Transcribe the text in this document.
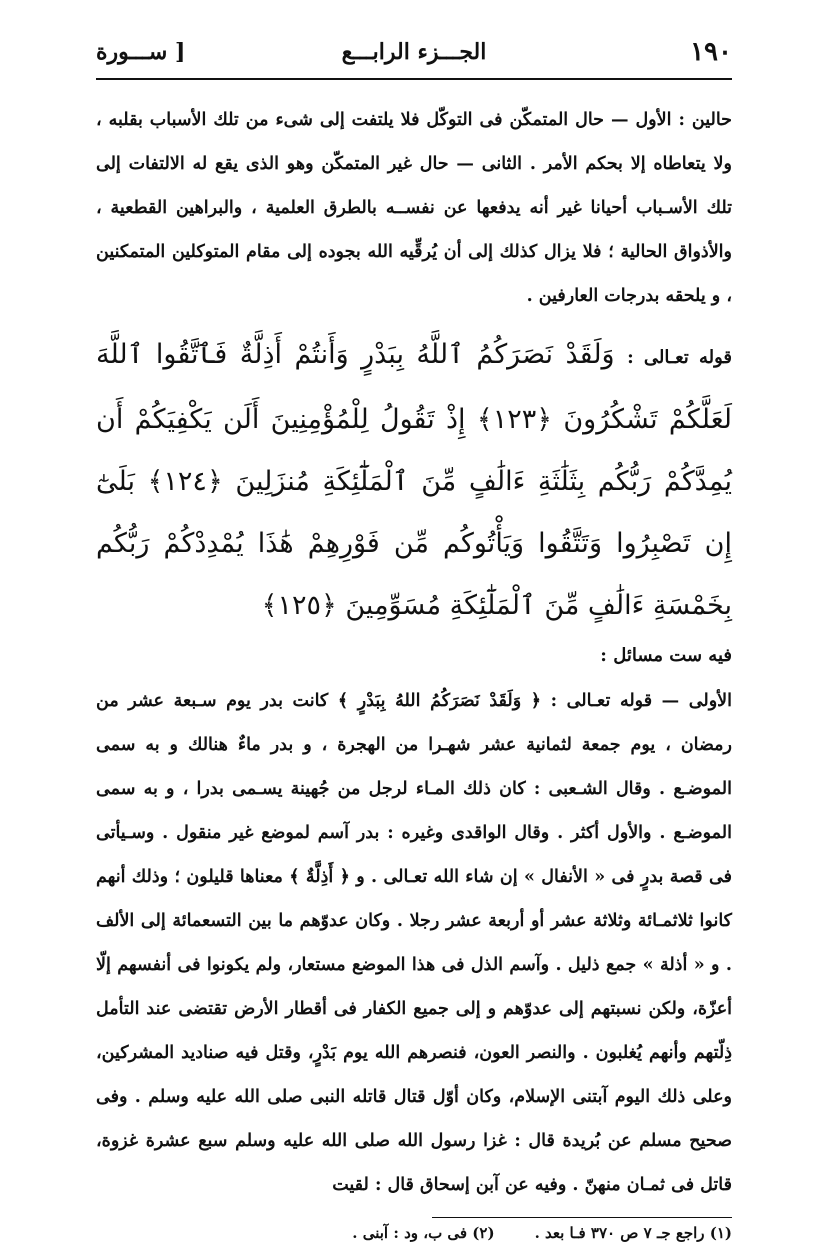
١٩٠
الجـــزء الرابـــع
[ ســـورة

حالين : الأول — حال المتمكّن فى التوكّل فلا يلتفت إلى شىء من تلك الأسباب بقلبه ، ولا يتعاطاه إلا بحكم الأمر . الثانى — حال غير المتمكّن وهو الذى يقع له الالتفات إلى تلك الأسـباب أحيانا غير أنه يدفعها عن نفســه بالطرق العلمية ، والبراهين القطعية ، والأذواق الحالية ؛ فلا يزال كذلك إلى أن يُرقِّيه الله بجوده إلى مقام المتوكلين المتمكنين ، و يلحقه بدرجات العارفين .

قوله تعـالى : وَلَقَدْ نَصَرَكُمُ ٱللَّهُ بِبَدْرٍ وَأَنتُمْ أَذِلَّةٌ فَٱتَّقُوا ٱللَّهَ لَعَلَّكُمْ تَشْكُرُونَ ﴿١٢٣﴾ إِذْ تَقُولُ لِلْمُؤْمِنِينَ أَلَن يَكْفِيَكُمْ أَن يُمِدَّكُمْ رَبُّكُم بِثَلَٰثَةِ ءَالَٰفٍ مِّنَ ٱلْمَلَٰٓئِكَةِ مُنزَلِينَ ﴿١٢٤﴾ بَلَىٰٓ إِن تَصْبِرُوا وَتَتَّقُوا وَيَأْتُوكُم مِّن فَوْرِهِمْ هَٰذَا يُمْدِدْكُمْ رَبُّكُم بِخَمْسَةِ ءَالَٰفٍ مِّنَ ٱلْمَلَٰٓئِكَةِ مُسَوِّمِينَ ﴿١٢٥﴾
فيه ست مسائل :

الأولى — قوله تعـالى : ﴿ وَلَقَدْ نَصَرَكُمُ اللهُ بِبَدْرٍ ﴾ كانت بدر يوم سـبعة عشر من رمضان ، يوم جمعة لثمانية عشر شهـرا من الهجرة ، و بدر ماءٌ هنالك و به سمى الموضـع . وقال الشـعبى : كان ذلك المـاء لرجل من جُهينة يسـمى بدرا ، و به سمى الموضـع . والأول أكثر . وقال الواقدى وغيره : بدر آسم لموضع غير منقول . وسـيأتى فى قصة بدرٍ فى « الأنفال » إن شاء الله تعـالى . و ﴿ أَذِلَّةٌ ﴾ معناها قليلون ؛ وذلك أنهم كانوا ثلاثمـائة وثلاثة عشر أو أربعة عشر رجلا . وكان عدوّهم ما بين التسعمائة إلى الألف . و « أذلة » جمع ذليل . وآسم الذل فى هذا الموضع مستعار، ولم يكونوا فى أنفسهم إلّا أعزّة، ولكن نسبتهم إلى عدوّهم و إلى جميع الكفار فى أقطار الأرض تقتضى عند التأمل ذِلّتهم وأنهم يُغلبون . والنصر العون، فنصرهم الله يوم بَدْرٍ، وقتل فيه صناديد المشركين، وعلى ذلك اليوم آبتنى الإسلام، وكان أوّل قتال قاتله النبى صلى الله عليه وسلم . وفى صحيح مسلم عن بُريدة قال : غزا رسول الله صلى الله عليه وسلم سبع عشرة غزوة، قاتل فى ثمـان منهنّ . وفيه عن آبن إسحاق قال : لقيت

(١) راجع جـ ٧ ص ٣٧٠ فـا بعد .
(٢) فى ب، ود : آبنى .
